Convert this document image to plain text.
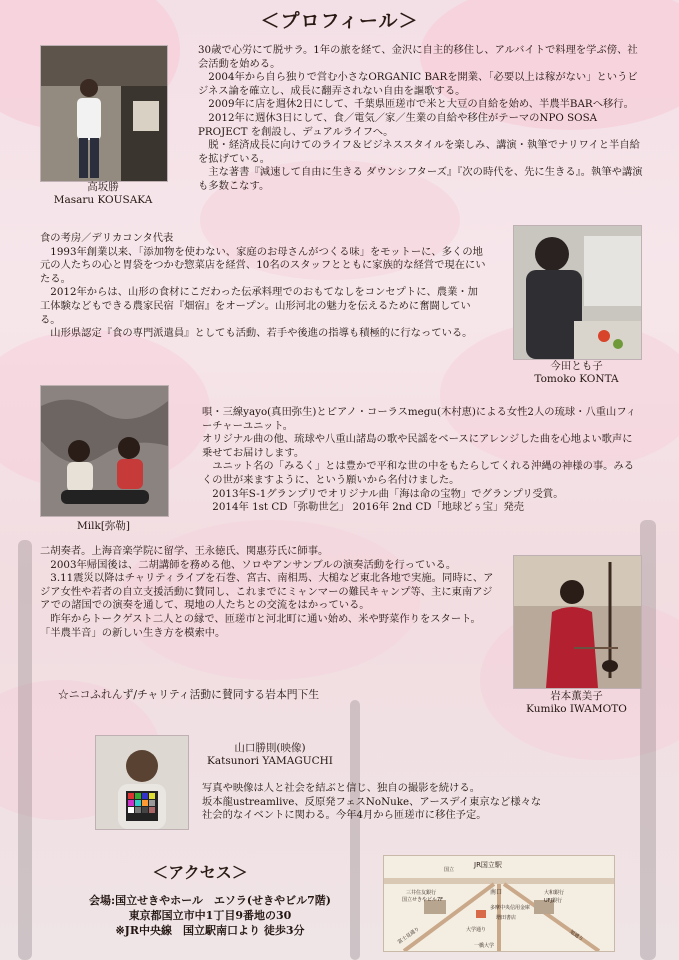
＜プロフィール＞
高坂勝
Masaru KOUSAKA
30歳で心労にて脱サラ。1年の旅を経て、金沢に自主的移住し、アルバイトで料理を学ぶ傍、社会活動を始める。
　2004年から自ら独りで営む小さなORGANIC BARを開業、「必要以上は稼がない」というビジネス論を確立し、成長に翻弄されない自由を謳歌する。
　2009年に店を週休2日にして、千葉県匝瑳市で米と大豆の自給を始め、半農半BARへ移行。
　2012年に週休3日にして、食／電気／家／生業の自給や移住がテーマのNPO SOSA PROJECT を創設し、デュアルライフへ。
　脱・経済成長に向けてのライフ＆ビジネススタイルを楽しみ、講演・執筆でナリワイと半自給を拡げている。
　主な著書『減速して自由に生きる ダウンシフターズ』『次の時代を、先に生きる』。執筆や講演も多数こなす。
食の考房／デリカコンタ代表
　1993年創業以来、「添加物を使わない、家庭のお母さんがつくる味」をモットーに、多くの地元の人たちの心と胃袋をつかむ惣菜店を経営、10名のスタッフとともに家族的な経営で現在にいたる。
　2012年からは、山形の食材にこだわった伝承料理でのおもてなしをコンセプトに、農業・加工体験などもできる農家民宿『畑宿』をオープン。山形河北の魅力を伝えるために奮闘している。
　山形県認定『食の専門派遣員』としても活動、若手や後進の指導も積極的に行なっている。
今田とも子
Tomoko KONTA
Milk[弥勒]
唄・三線yayo(真田弥生)とピアノ・コーラスmegu(木村恵)による女性2人の琉球・八重山フィーチャーユニット。
オリジナル曲の他、琉球や八重山諸島の歌や民謡をベースにアレンジした曲を心地よい歌声に乗せてお届けします。
　ユニット名の「みるく」とは豊かで平和な世の中をもたらしてくれる沖縄の神様の事。みるくの世が来ますように、という願いから名付けました。
　2013年S-1グランプリでオリジナル曲「海は命の宝物」でグランプリ受賞。
　2014年 1st CD「弥勒世乞」 2016年 2nd CD「地球どぅ宝」発売
二胡奏者。上海音楽学院に留学、王永徳氏、関惠芬氏に師事。
　2003年帰国後は、二胡講師を務める他、ソロやアンサンブルの演奏活動を行っている。
　3.11震災以降はチャリティライブを石巻、宮古、南相馬、大槌など東北各地で実施。同時に、アジア女性や若者の自立支援活動に賛同し、これまでにミャンマーの難民キャンプ等、主に東南アジアでの諸国での演奏を通して、現地の人たちとの交流をはかっている。
　昨年からトークゲスト二人との縁で、匝瑳市と河北町に通い始め、米や野菜作りをスタート。「半農半音」の新しい生き方を模索中。
☆ニコふれんず/チャリティ活動に賛同する岩本門下生	岩本薫美子
Kumiko IWAMOTO
山口勝則(映像)
Katsunori YAMAGUCHI
写真や映像は人と社会を結ぶと信じ、独自の撮影を続ける。
坂本龍ustreamlive、反原発フェスNoNuke、アースデイ東京など様々な社会的なイベントに関わる。今年4月から匝瑳市に移住予定。
＜アクセス＞
会場:国立せきやホール　エソラ(せきやビル7階)
東京都国立市中1丁目9番地の30
※JR中央線　国立駅南口より 徒歩3分
JR国立駅
南口
三井住友銀行
国立せきやビル7F
大和銀行
UFJ銀行
多摩中央信用金庫
増田書店
一橋大学
富士見通り	大学通り	旭通り
国立
